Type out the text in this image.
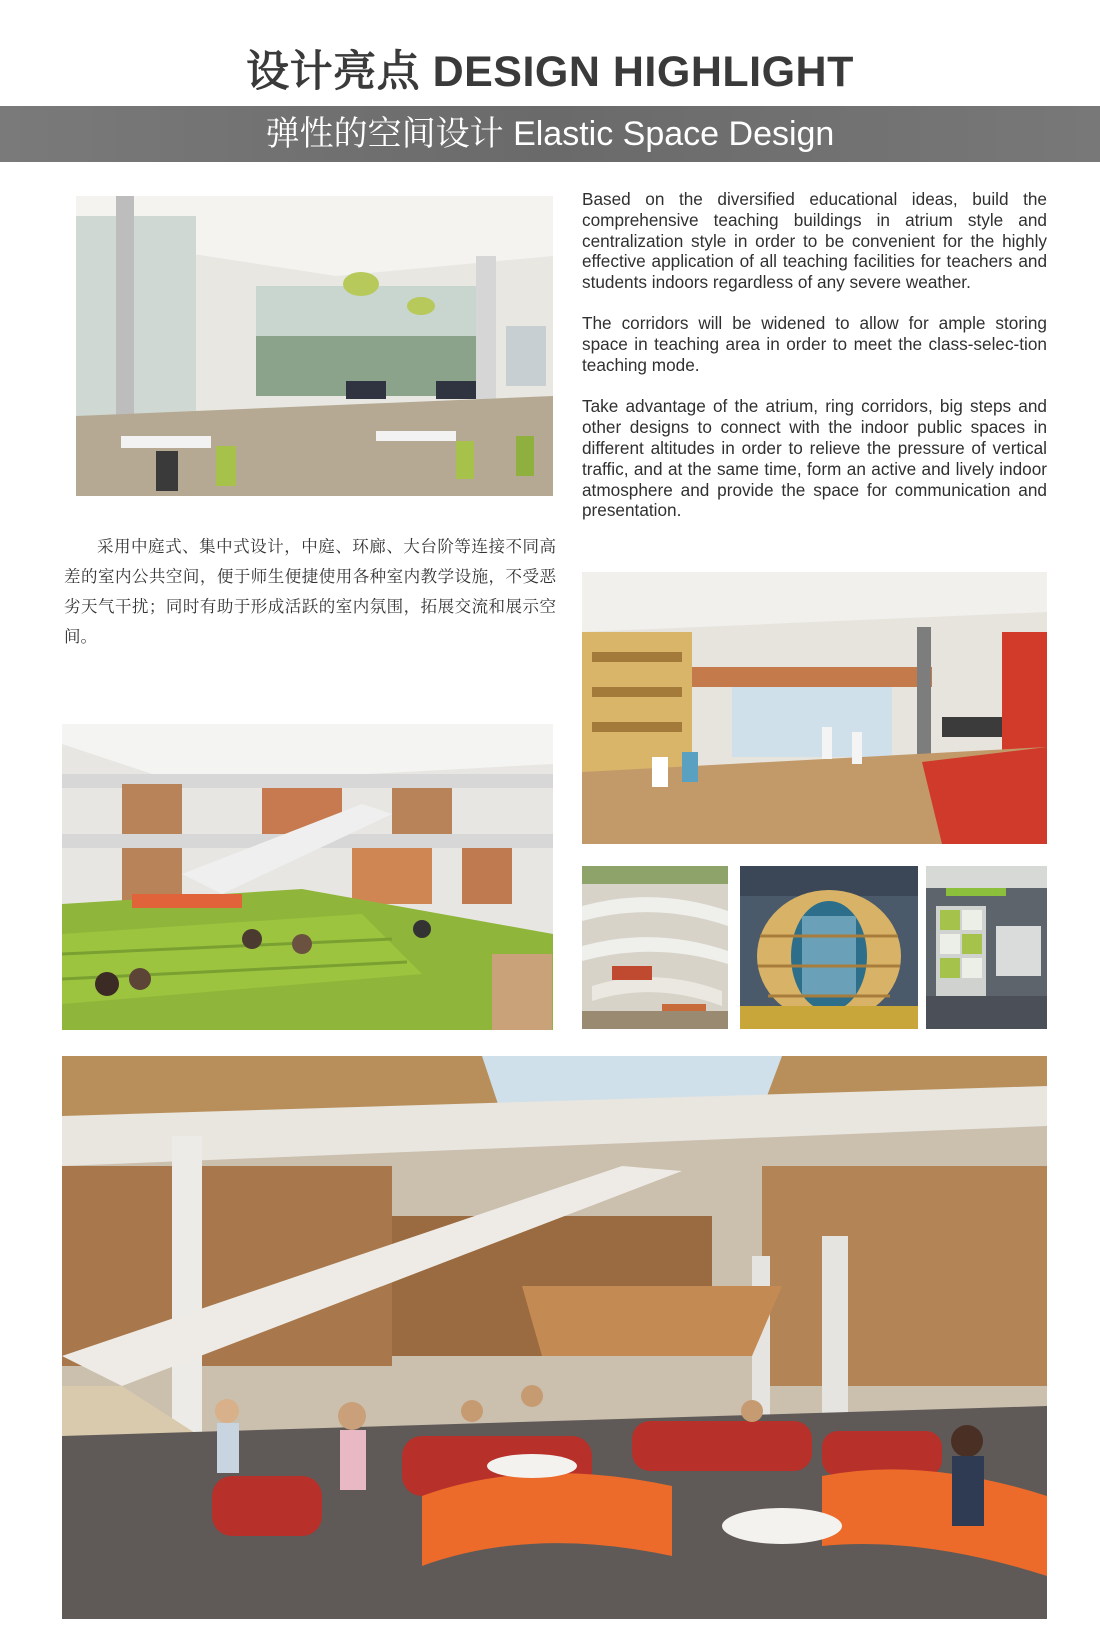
设计亮点 DESIGN HIGHLIGHT
弹性的空间设计 Elastic Space Design

Based on the diversified educational ideas, build the comprehensive teaching buildings in atrium style and centralization style in order to be convenient for the highly effective application of all teaching facilities for teachers and students indoors regardless of any severe weather.

The corridors will be widened to allow for ample storing space in teaching area in order to meet the class-selec-tion teaching mode.

Take advantage of the atrium, ring corridors, big steps and other designs to connect with the indoor public spaces in different altitudes in order to relieve the pressure of vertical traffic, and at the same time, form an active and lively indoor atmosphere and provide the space for communication and presentation.

采用中庭式、集中式设计，中庭、环廊、大台阶等连接不同高差的室内公共空间，便于师生便捷使用各种室内教学设施，不受恶劣天气干扰；同时有助于形成活跃的室内氛围，拓展交流和展示空间。
